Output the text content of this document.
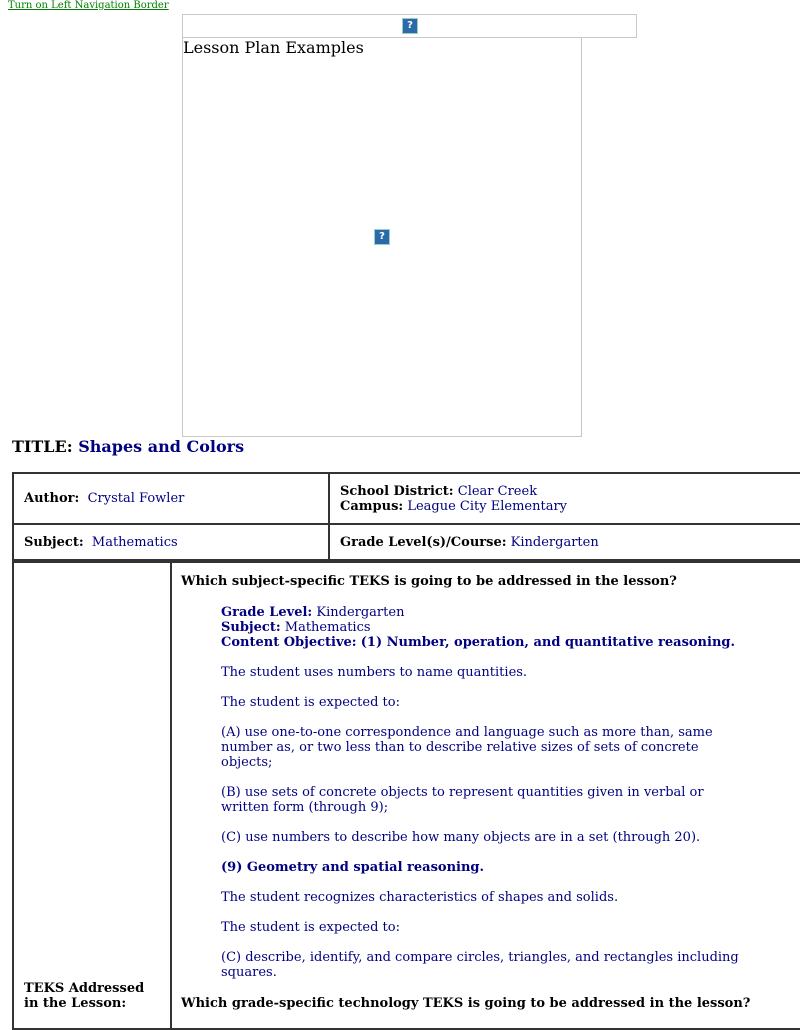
Turn on Left Navigation Border
?
Lesson Plan Examples
?
TITLE: Shapes and Colors
Author: Crystal Fowler	School District: Clear Creek
Campus: League City Elementary
Subject: Mathematics	Grade Level(s)/Course: Kindergarten
TEKS Addressed
in the Lesson:

Which subject-specific TEKS is going to be addressed in the lesson?
Grade Level: Kindergarten
Subject: Mathematics
Content Objective: (1) Number, operation, and quantitative reasoning.
The student uses numbers to name quantities.
The student is expected to:
(A) use one-to-one correspondence and language such as more than, same number as, or two less than to describe relative sizes of sets of concrete objects;
(B) use sets of concrete objects to represent quantities given in verbal or written form (through 9);
(C) use numbers to describe how many objects are in a set (through 20).
(9) Geometry and spatial reasoning.
The student recognizes characteristics of shapes and solids.
The student is expected to:
(C) describe, identify, and compare circles, triangles, and rectangles including squares.
Which grade-specific technology TEKS is going to be addressed in the lesson?
